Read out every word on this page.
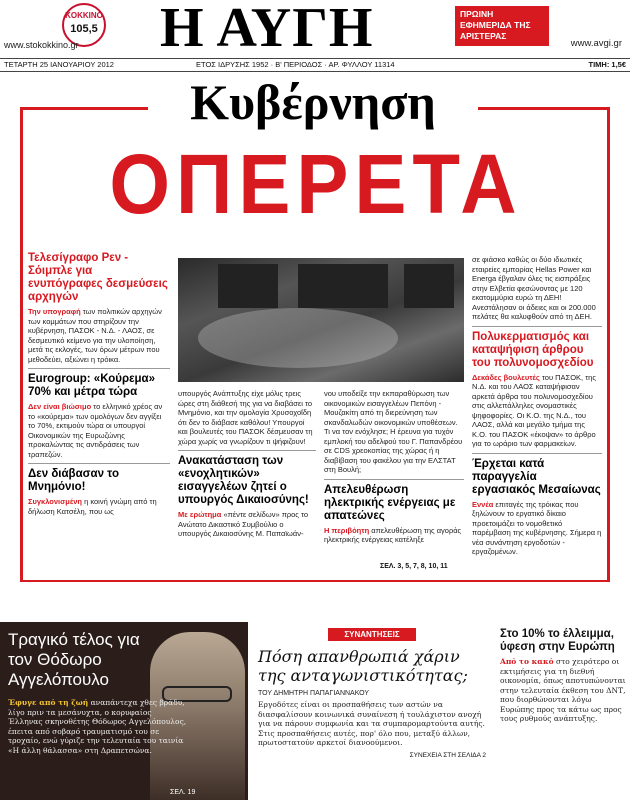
KOKKINO
105,5
www.stokokkino.gr Η ΑΥΓΗ	ΠΡΩΙΝΗ ΕΦΗΜΕΡΙΔΑ ΤΗΣ ΑΡΙΣΤΕΡΑΣ
www.avgi.gr
ΤΕΤΑΡΤΗ 25 ΙΑΝΟΥΑΡΙΟΥ 2012	ΕΤΟΣ ΙΔΡΥΣΗΣ 1952 · Β' ΠΕΡΙΟΔΟΣ · ΑΡ. ΦΥΛΛΟΥ 11314	ΤΙΜΗ: 1,5€
Κυβέρνηση
ΟΠΕΡΕΤΑ
Τελεσίγραφο Ρεν - Σόιμπλε για ενυπόγραφες δεσμεύσεις αρχηγών
Την υπογραφή των πολιτικών αρχηγών των κομμάτων που στηρίζουν την κυβέρνηση, ΠΑΣΟΚ - Ν.Δ. - ΛΑΟΣ, σε δεσμευτικό κείμενο για την υλοποίηση, μετά τις εκλογές, των όρων μέτρων που μεθοδεύει, αξιώνει η τρόικα.
Eurogroup: «Κούρεμα» 70% και μέτρα τώρα
Δεν είναι βιώσιμο το ελληνικό χρέος αν το «κούρεμα» των ομολόγων δεν αγγίξει το 70%, εκτιμούν τώρα οι υπουργοί Οικονομικών της Ευρωζώνης προκαλώντας τις αντιδράσεις των τραπεζών.
Δεν διάβασαν το Μνημόνιο!
Συγκλονισμένη η κοινή γνώμη από τη δήλωση Κατσέλη, που ως
υπουργός Ανάπτυξης είχε μόλις τρεις ώρες στη διάθεσή της για να διαβάσει το Μνημόνιο, και την ομολογία Χρυσοχοΐδη ότι δεν το διάβασε καθόλου! Υπουργοί και βουλευτές του ΠΑΣΟΚ δέσμευσαν τη χώρα χωρίς να γνωρίζουν τι ψήφιζουν!
Ανακατάσταση των «ενοχλητικών» εισαγγελέων ζητεί ο υπουργός Δικαιοσύνης!
Με ερώτημα «πέντε σελίδων» προς το Ανώτατο Δικαστικό Συμβούλιο ο υπουργός Δικαιοσύνης Μ. Παπαϊωάν-
νου υποδείξε την εκπαραθύρωση των οικονομικών εισαγγελέων Πεπόνη - Μουζακίτη από τη διερεύνηση των σκανδαλωδών οικονομικών υποθέσεων. Τι να τον ενόχλησε; Η έρευνα για τυχόν εμπλοκή του αδελφού του Γ. Παπανδρέου σε CDS χρεοκοπίας της χώρας ή η διαβίβαση του φακέλου για την ΕΛΣΤΑΤ στη Βουλή;
Απελευθέρωση ηλεκτρικής ενέργειας με απατεώνες
Η περιβόητη απελευθέρωση της αγοράς ηλεκτρικής ενέργειας κατέληξε
σε φιάσκο καθώς οι δύο ιδιωτικές εταιρείες εμπορίας Hellas Power και Energa έβγαλαν όλες τις εισπράξεις στην Ελβετία φεσώνοντας με 120 εκατομμύρια ευρώ τη ΔΕΗ! Ανεστάλησαν οι άδειες και οι 200.000 πελάτες θα καλυφθούν από τη ΔΕΗ.
Πολυκερματισμός και καταψήφιση άρθρου του πολυνομοσχεδίου
Δεκάδες βουλευτές του ΠΑΣΟΚ, της Ν.Δ. και του ΛΑΟΣ καταψήφισαν αρκετά άρθρα του πολυνομοσχεδίου στις αλλεπάλληλες ονομαστικές ψηφοφορίες. Οι Κ.Ο. της Ν.Δ., του ΛΑΟΣ, αλλά και μεγάλο τμήμα της Κ.Ο. του ΠΑΣΟΚ «έκοψαν» το άρθρο για το ωράριο των φαρμακείων.
Έρχεται κατά παραγγελία εργασιακός Μεσαίωνας
Εννέα επιταγές της τρόικας που ξηλώνουν το εργατικό δίκαιο προετοιμάζει το νομοθετικό παρέμβαση της κυβέρνησης. Σήμερα η νέα συνάντηση εργοδοτών - εργαζομένων.
ΣΕΛ. 3, 5, 7, 8, 10, 11
Τραγικό τέλος για τον Θόδωρο Αγγελόπουλο
Έφυγε από τη ζωή αναπάντεχα χθες βράδυ, λίγο πριν τα μεσάνυχτα, ο κορυφαίος Έλληνας σκηνοθέτης Θόδωρος Αγγελόπουλος, έπειτα από σοβαρό τραυματισμό του σε τροχαίο, ενώ γύριζε την τελευταία του ταινία «Η άλλη θάλασσα» στη Δραπετσώνα.
ΣΕΛ. 19
ΣΥΝΑΝΤΗΣΕΙΣ
Πόση απανθρωπιά χάριν της ανταγωνιστικότητας;
ΤΟΥ ΔΗΜΗΤΡΗ ΠΑΠΑΓΙΑΝΝΑΚΟΥ
Εργοδότες είναι οι προσπαθήσεις των αστών να διασφαλίσουν κοινωνικά συναίνεση ή τουλάχιστον ανοχή για να πάρουν συμφωνία και τα συμπαρομαρτούντα αυτής. Στις προσπαθήσεις αυτές, πορ' όλο που, μεταξύ άλλων, πρωτοστατούν αρκετοί διανοούμενοι.
ΣΥΝΕΧΕΙΑ ΣΤΗ ΣΕΛΙΔΑ 2
Στο 10% το έλλειμμα, ύφεση στην Ευρώπη
Από το κακό στο χειρότερο οι εκτιμήσεις για τη διεθνή οικονομία, όπως αποτυπώνονται στην τελευταία έκθεση του ΔΝΤ, που διορθώνονται λόγω Ευρώπης προς τα κάτω ως προς τους ρυθμούς ανάπτυξης.
